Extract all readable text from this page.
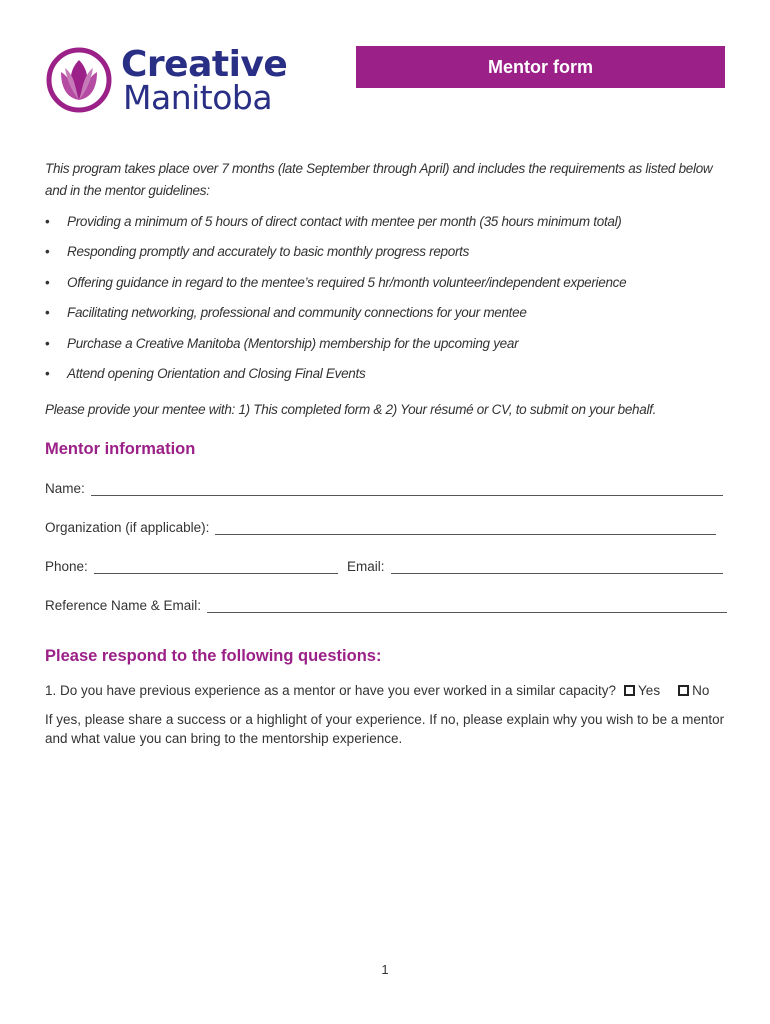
Creative
Manitoba
Mentor form
This program takes place over 7 months (late September through April) and includes the requirements as listed below and in the mentor guidelines:
• Providing a minimum of 5 hours of direct contact with mentee per month (35 hours minimum total)
• Responding promptly and accurately to basic monthly progress reports
• Offering guidance in regard to the mentee’s required 5 hr/month volunteer/independent experience
• Facilitating networking, professional and community connections for your mentee
• Purchase a Creative Manitoba (Mentorship) membership for the upcoming year
• Attend opening Orientation and Closing Final Events
Please provide your mentee with: 1) This completed form & 2) Your résumé or CV, to submit on your behalf.
Mentor information
Name:
Organization (if applicable):
Phone:	Email:
Reference Name & Email:
Please respond to the following questions:
1. Do you have previous experience as a mentor or have you ever worked in a similar capacity? Yes No
If yes, please share a success or a highlight of your experience. If no, please explain why you wish to be a mentor and what value you can bring to the mentorship experience.
1
